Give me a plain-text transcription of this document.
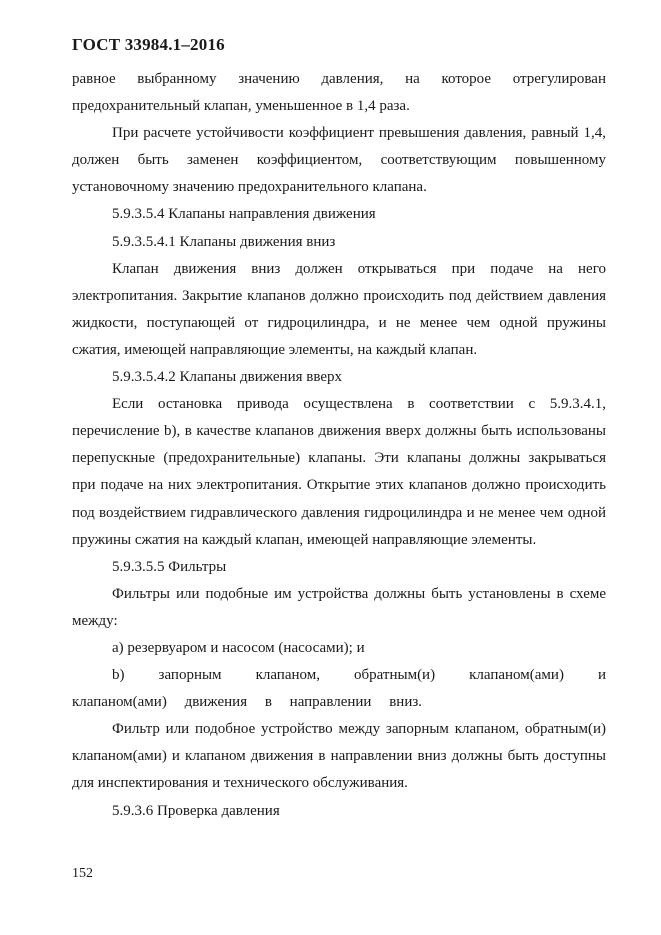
ГОСТ 33984.1–2016

равное выбранному значению давления, на которое отрегулирован предохранительный клапан, уменьшенное в 1,4 раза.

При расчете устойчивости коэффициент превышения давления, равный 1,4, должен быть заменен коэффициентом, соответствующим повышенному установочному значению предохранительного клапана.

5.9.3.5.4 Клапаны направления движения

5.9.3.5.4.1 Клапаны движения вниз

Клапан движения вниз должен открываться при подаче на него электропитания. Закрытие клапанов должно происходить под действием давления жидкости, поступающей от гидроцилиндра, и не менее чем одной пружины сжатия, имеющей направляющие элементы, на каждый клапан.

5.9.3.5.4.2 Клапаны движения вверх

Если остановка привода осуществлена в соответствии с 5.9.3.4.1, перечисление b), в качестве клапанов движения вверх должны быть использованы перепускные (предохранительные) клапаны. Эти клапаны должны закрываться при подаче на них электропитания. Открытие этих клапанов должно происходить под воздействием гидравлического давления гидроцилиндра и не менее чем одной пружины сжатия на каждый клапан, имеющей направляющие элементы.

5.9.3.5.5 Фильтры

Фильтры или подобные им устройства должны быть установлены в схеме между:

а) резервуаром и насосом (насосами); и

b) запорным клапаном, обратным(и) клапаном(ами) и клапаном(ами) движения в направлении вниз.

Фильтр или подобное устройство между запорным клапаном, обратным(и) клапаном(ами) и клапаном движения в направлении вниз должны быть доступны для инспектирования и технического обслуживания.

5.9.3.6 Проверка давления

152
